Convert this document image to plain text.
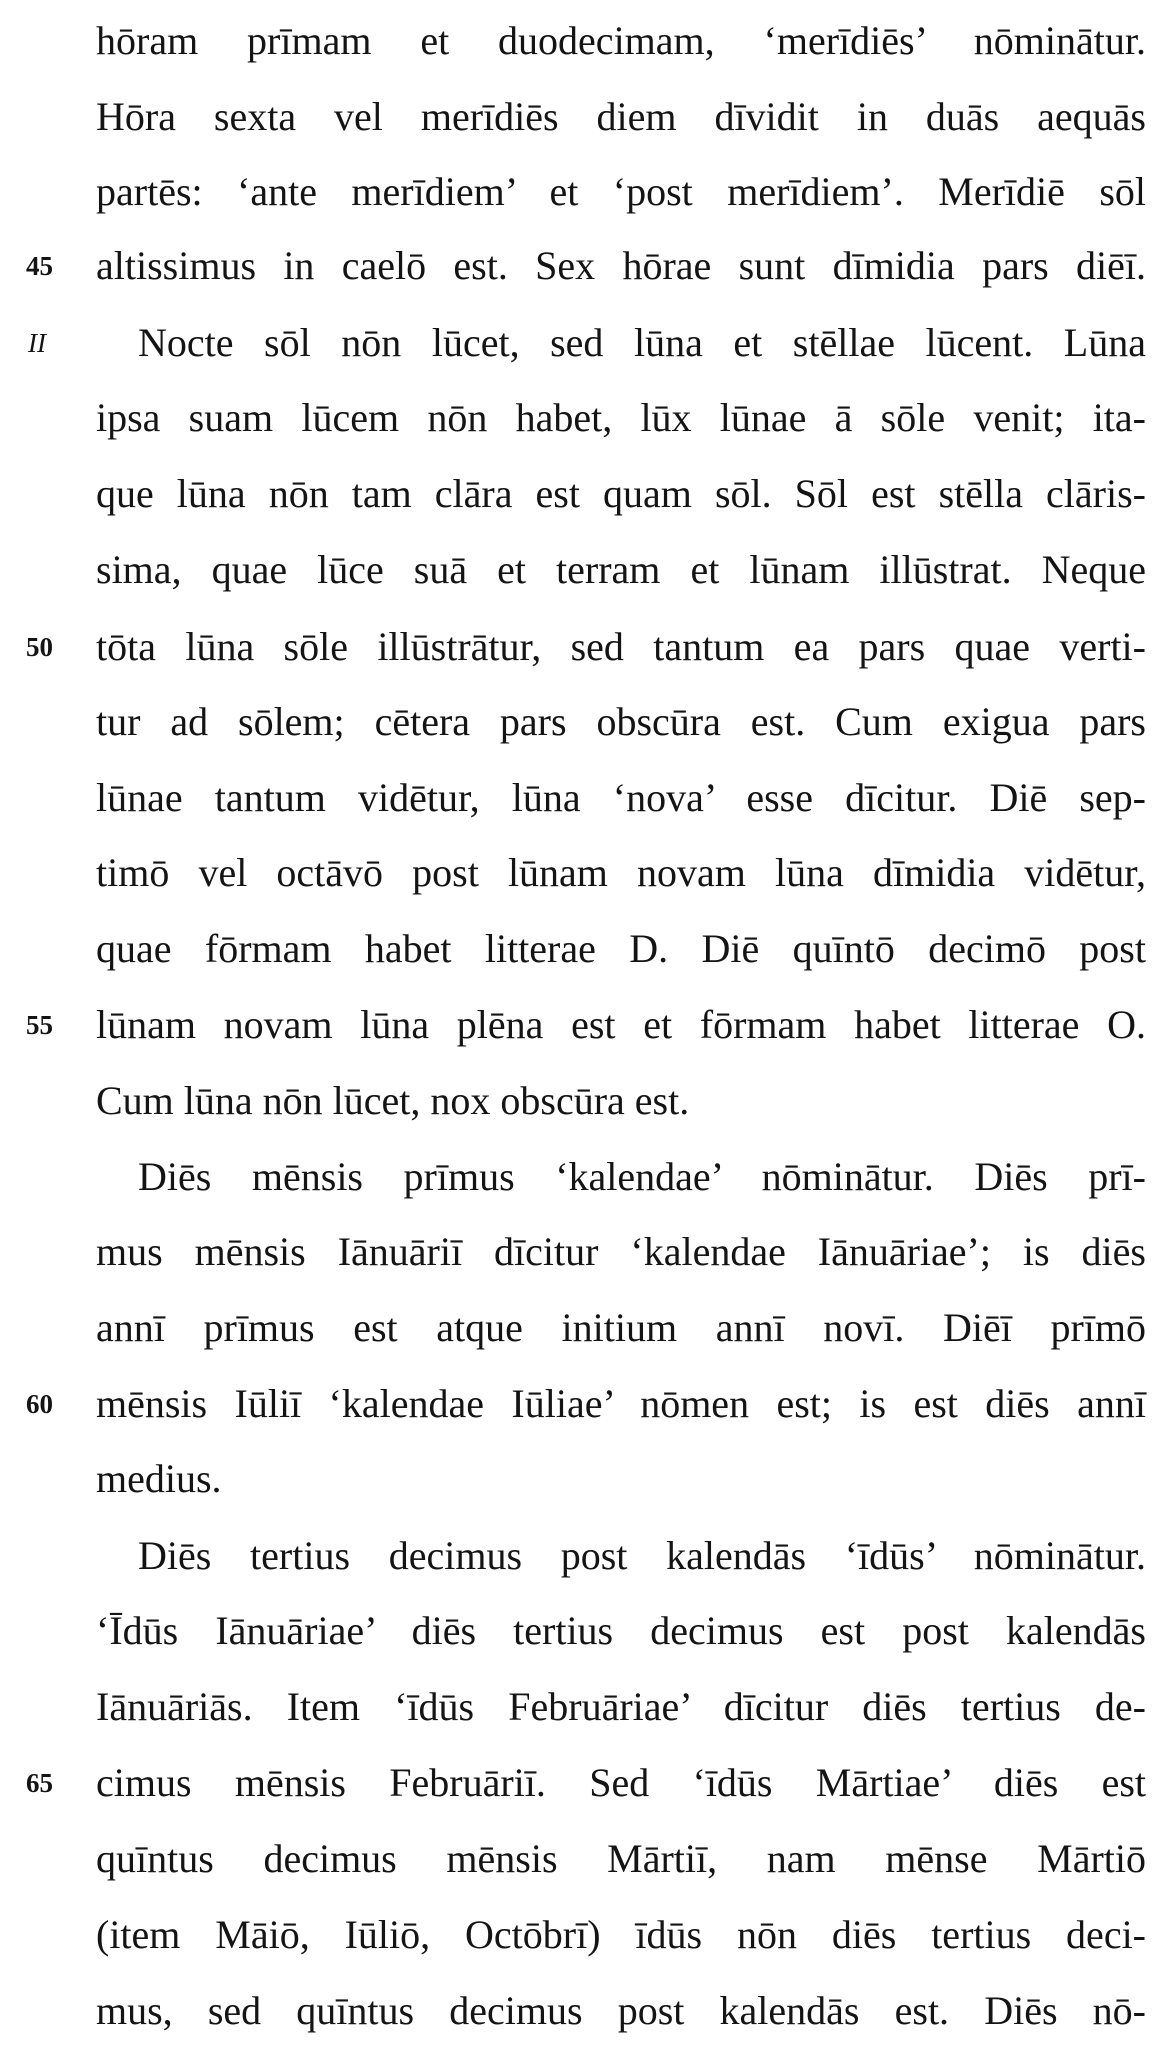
hōram prīmam et duodecimam, ‘merīdiēs’ nōminātur.
Hōra sexta vel merīdiēs diem dīvidit in duās aequās
partēs: ‘ante merīdiem’ et ‘post merīdiem’. Merīdiē sōl
45 altissimus in caelō est. Sex hōrae sunt dīmidia pars diēī.
II Nocte sōl nōn lūcet, sed lūna et stēllae lūcent. Lūna
ipsa suam lūcem nōn habet, lūx lūnae ā sōle venit; ita-
que lūna nōn tam clāra est quam sōl. Sōl est stēlla clāris-
sima, quae lūce suā et terram et lūnam illūstrat. Neque
50 tōta lūna sōle illūstrātur, sed tantum ea pars quae verti-
tur ad sōlem; cētera pars obscūra est. Cum exigua pars
lūnae tantum vidētur, lūna ‘nova’ esse dīcitur. Diē sep-
timō vel octāvō post lūnam novam lūna dīmidia vidētur,
quae fōrmam habet litterae D. Diē quīntō decimō post
55 lūnam novam lūna plēna est et fōrmam habet litterae O.
Cum lūna nōn lūcet, nox obscūra est.
Diēs mēnsis prīmus ‘kalendae’ nōminātur. Diēs prī-
mus mēnsis Iānuāriī dīcitur ‘kalendae Iānuāriae’; is diēs
annī prīmus est atque initium annī novī. Diēī prīmō
60 mēnsis Iūliī ‘kalendae Iūliae’ nōmen est; is est diēs annī
medius.
Diēs tertius decimus post kalendās ‘īdūs’ nōminātur.
‘Īdūs Iānuāriae’ diēs tertius decimus est post kalendās
Iānuāriās. Item ‘īdūs Februāriae’ dīcitur diēs tertius de-
65 cimus mēnsis Februāriī. Sed ‘īdūs Mārtiae’ diēs est
quīntus decimus mēnsis Mārtiī, nam mēnse Mārtiō
(item Māiō, Iūliō, Octōbrī) īdūs nōn diēs tertius deci-
mus, sed quīntus decimus post kalendās est. Diēs nō-
